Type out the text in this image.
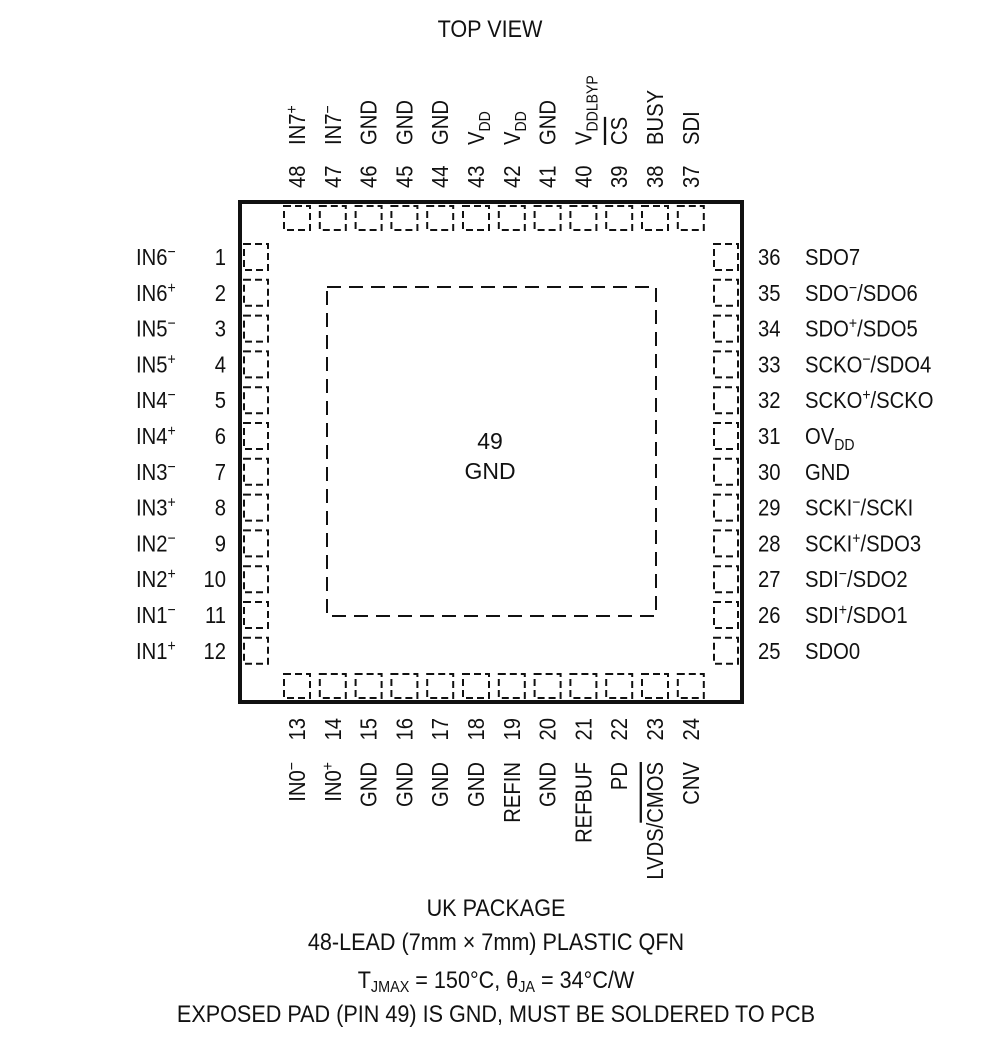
TOP VIEW
49
GND
48
IN7+
47
IN7−
46
GND
45
GND
44
GND
43
$V_{DD}$
42
$V_{DD}$
41
GND
40
$V_{DDLBYP}$
39
CS
38
BUSY
37
SDI
1
IN6−
2
IN6+
3
IN5−
4
IN5+
5
IN4−
6
IN4+
7
IN3−
8
IN3+
9
IN2−
10
IN2+
11
IN1−
12
IN1+
36 SDO7
35 SDO−/SDO6
34 SDO+/SDO5
33 SCKO−/SDO4
32 SCKO+/SCKO
31 $OV_{DD}$
30 GND
29 SCKI−/SCKI
28 SCKI+/SDO3
27 SDI−/SDO2
26 SDI+/SDO1
25 SDO0
13
IN0−
14
IN0+
15
GND
16
GND
17
GND
18
GND
19
REFIN
20
GND
21
REFBUF
22
PD
23
LVDS/CMOS
24
CNV
UK PACKAGE
48-LEAD (7mm × 7mm) PLASTIC QFN
$T_{JMAX} = 150^\circ C$, $\theta_{JA} = 34^\circ C/W$
EXPOSED PAD (PIN 49) IS GND, MUST BE SOLDERED TO PCB
